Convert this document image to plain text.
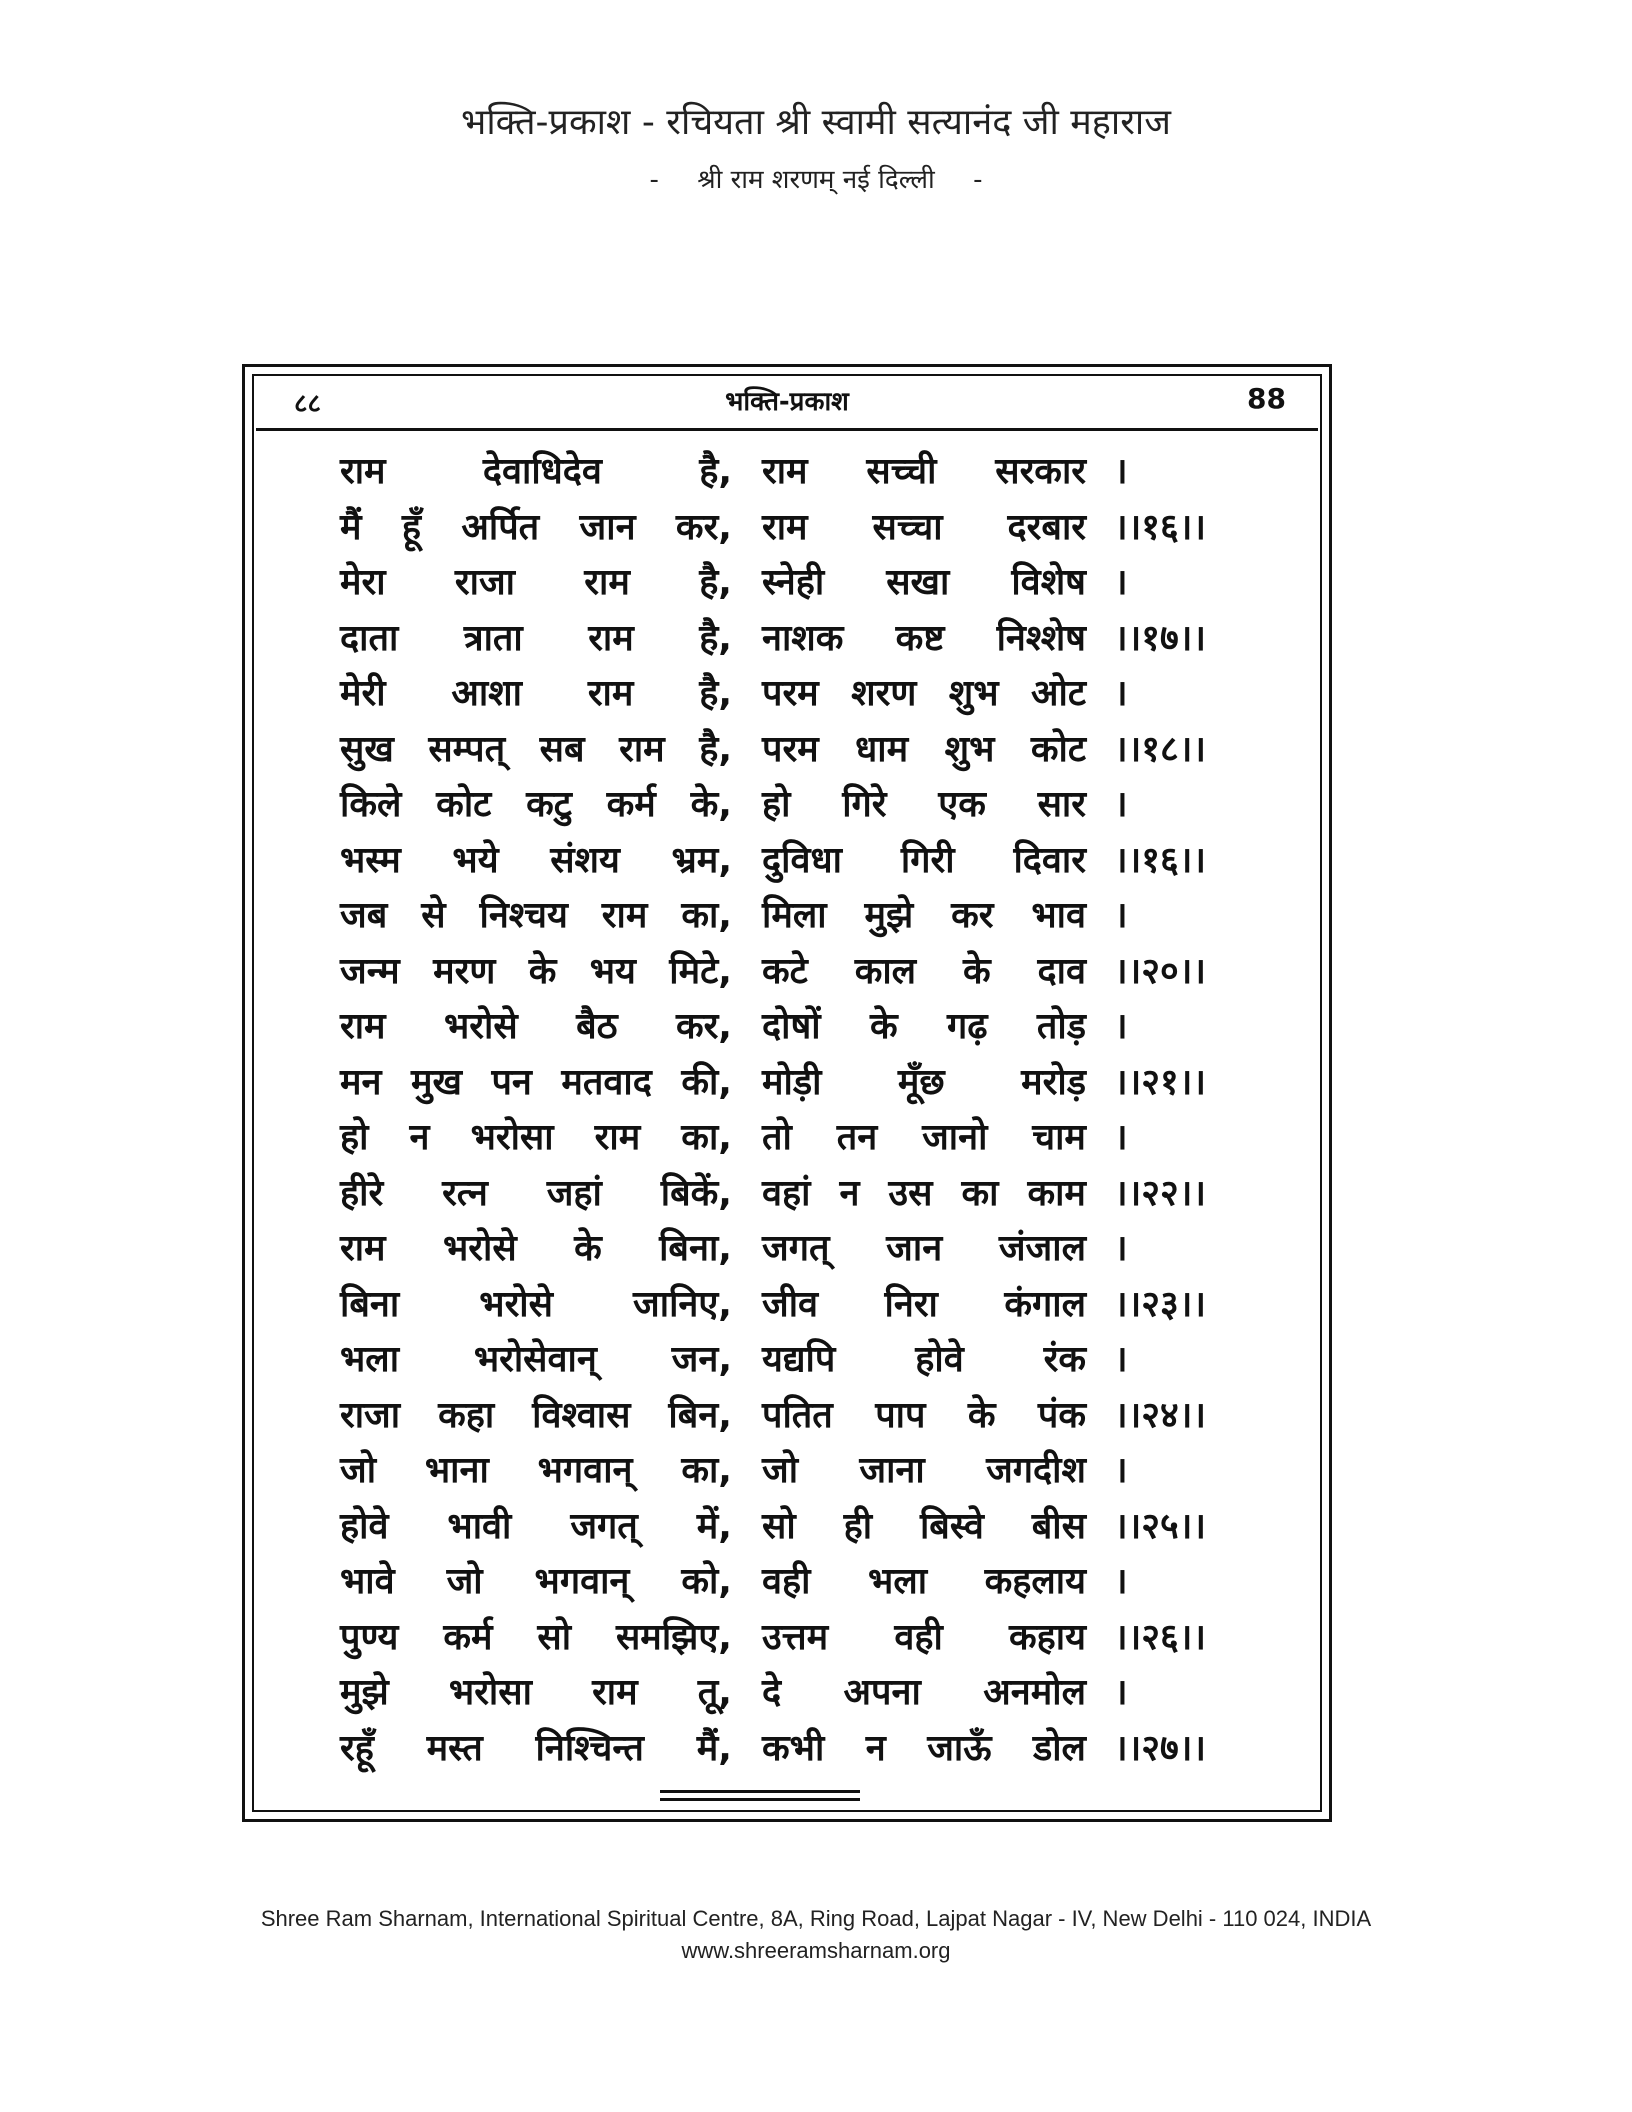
भक्ति-प्रकाश - रचियता श्री स्वामी सत्यानंद जी महाराज
- श्री राम शरणम् नई दिल्ली -
८८	भक्ति-प्रकाश	88
राम	देवाधिदेव	है, राम सच्ची सरकार ।
मैं हूँ अर्पित जान कर, राम सच्चा दरबार ।।१६।।
मेरा राजा राम है, स्नेही सखा विशेष ।
दाता त्राता राम है, नाशक कष्ट निश्शेष ।।१७।।
मेरी आशा राम है, परम शरण शुभ ओट ।
सुख सम्पत् सब राम है, परम धाम शुभ कोट ।।१८।।
किले कोट कटु कर्म के, हो गिरे एक सार ।
भस्म भये संशय भ्रम, दुविधा गिरी दिवार ।।१६।।
जब से निश्चय राम का, मिला मुझे कर भाव ।
जन्म मरण के भय मिटे, कटे काल के दाव ।।२०।।
राम भरोसे बैठ कर, दोषों के गढ़ तोड़ ।
मन मुख पन मतवाद की, मोड़ी मूँछ मरोड़ ।।२१।।
हो न भरोसा राम का, तो तन जानो चाम ।
हीरे रत्न जहां बिकें, वहां न उस का काम ।।२२।।
राम भरोसे के बिना, जगत् जान जंजाल ।
बिना भरोसे जानिए, जीव निरा कंगाल ।।२३।।
भला भरोसेवान् जन, यद्यपि होवे रंक ।
राजा कहा विश्वास बिन, पतित पाप के पंक ।।२४।।
जो भाना भगवान् का, जो जाना जगदीश ।
होवे भावी जगत् में, सो ही बिस्वे बीस ।।२५।।
भावे जो भगवान् को, वही भला कहलाय ।
पुण्य कर्म सो समझिए, उत्तम वही कहाय ।।२६।।
मुझे भरोसा राम तू, दे अपना अनमोल ।
रहूँ मस्त निश्चिन्त मैं, कभी न जाऊँ डोल ।।२७।।
Shree Ram Sharnam, International Spiritual Centre, 8A, Ring Road, Lajpat Nagar - IV, New Delhi - 110 024, INDIA
www.shreeramsharnam.org
